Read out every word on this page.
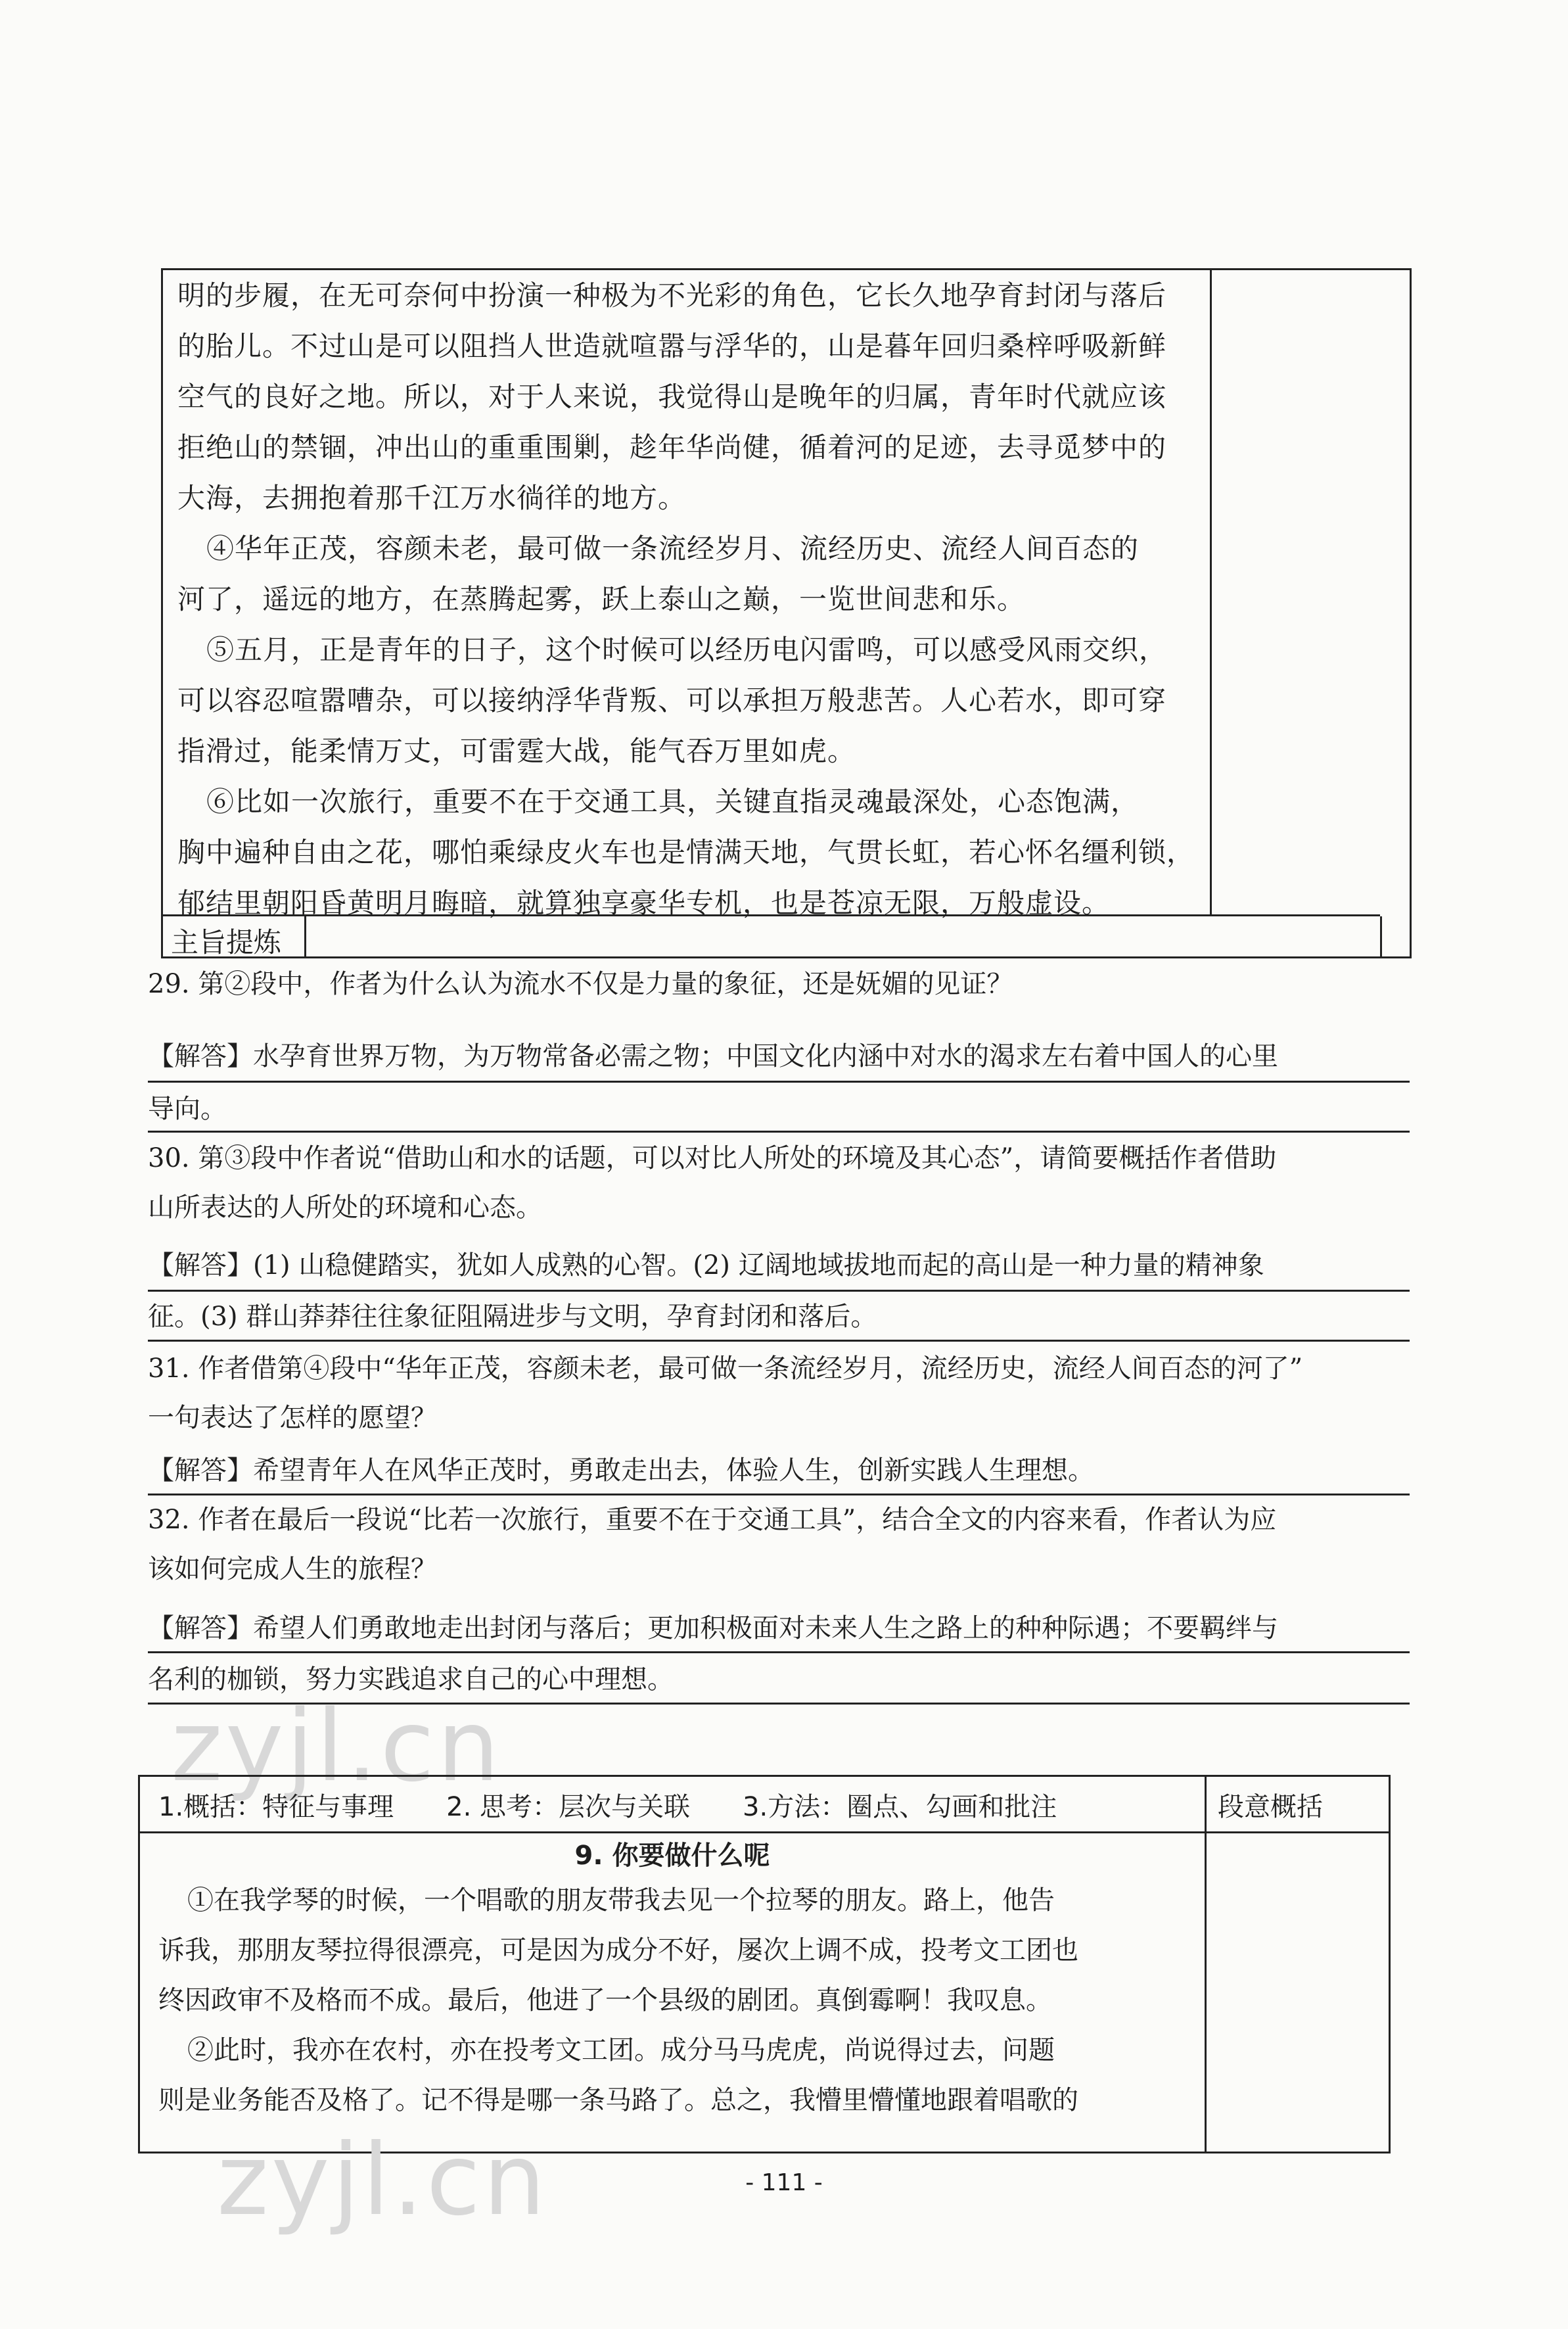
明的步履，在无可奈何中扮演一种极为不光彩的角色，它长久地孕育封闭与落后

的胎儿。不过山是可以阻挡人世造就喧嚣与浮华的，山是暮年回归桑梓呼吸新鲜

空气的良好之地。所以，对于人来说，我觉得山是晚年的归属，青年时代就应该

拒绝山的禁锢，冲出山的重重围剿，趁年华尚健，循着河的足迹，去寻觅梦中的

大海，去拥抱着那千江万水徜徉的地方。

④华年正茂，容颜未老，最可做一条流经岁月、流经历史、流经人间百态的

河了，遥远的地方，在蒸腾起雾，跃上泰山之巅，一览世间悲和乐。

⑤五月，正是青年的日子，这个时候可以经历电闪雷鸣，可以感受风雨交织，

可以容忍喧嚣嘈杂，可以接纳浮华背叛、可以承担万般悲苦。人心若水，即可穿

指滑过，能柔情万丈，可雷霆大战，能气吞万里如虎。

⑥比如一次旅行，重要不在于交通工具，关键直指灵魂最深处，心态饱满，

胸中遍种自由之花，哪怕乘绿皮火车也是情满天地，气贯长虹，若心怀名缰利锁，

郁结里朝阳昏黄明月晦暗，就算独享豪华专机，也是苍凉无限，万般虚设。

主旨提炼
29. 第②段中，作者为什么认为流水不仅是力量的象征，还是妩媚的见证？
【解答】水孕育世界万物，为万物常备必需之物；中国文化内涵中对水的渴求左右着中国人的心里
导向。
30. 第③段中作者说“借助山和水的话题，可以对比人所处的环境及其心态”，请简要概括作者借助
山所表达的人所处的环境和心态。
【解答】(1) 山稳健踏实，犹如人成熟的心智。(2) 辽阔地域拔地而起的高山是一种力量的精神象
征。(3) 群山莽莽往往象征阻隔进步与文明，孕育封闭和落后。
31. 作者借第④段中“华年正茂，容颜未老，最可做一条流经岁月，流经历史，流经人间百态的河了”
一句表达了怎样的愿望？
【解答】希望青年人在风华正茂时，勇敢走出去，体验人生，创新实践人生理想。
32. 作者在最后一段说“比若一次旅行，重要不在于交通工具”，结合全文的内容来看，作者认为应
该如何完成人生的旅程？
【解答】希望人们勇敢地走出封闭与落后；更加积极面对未来人生之路上的种种际遇；不要羁绊与
名利的枷锁，努力实践追求自己的心中理想。
zyjl.cn
1.概括：特征与事理　　2. 思考：层次与关联　　3.方法：圈点、勾画和批注	段意概括
9. 你要做什么呢

①在我学琴的时候，一个唱歌的朋友带我去见一个拉琴的朋友。路上，他告

诉我，那朋友琴拉得很漂亮，可是因为成分不好，屡次上调不成，投考文工团也

终因政审不及格而不成。最后，他进了一个县级的剧团。真倒霉啊！我叹息。

②此时，我亦在农村，亦在投考文工团。成分马马虎虎，尚说得过去，问题

则是业务能否及格了。记不得是哪一条马路了。总之，我懵里懵懂地跟着唱歌的

- 111 -
zyjl.cn
